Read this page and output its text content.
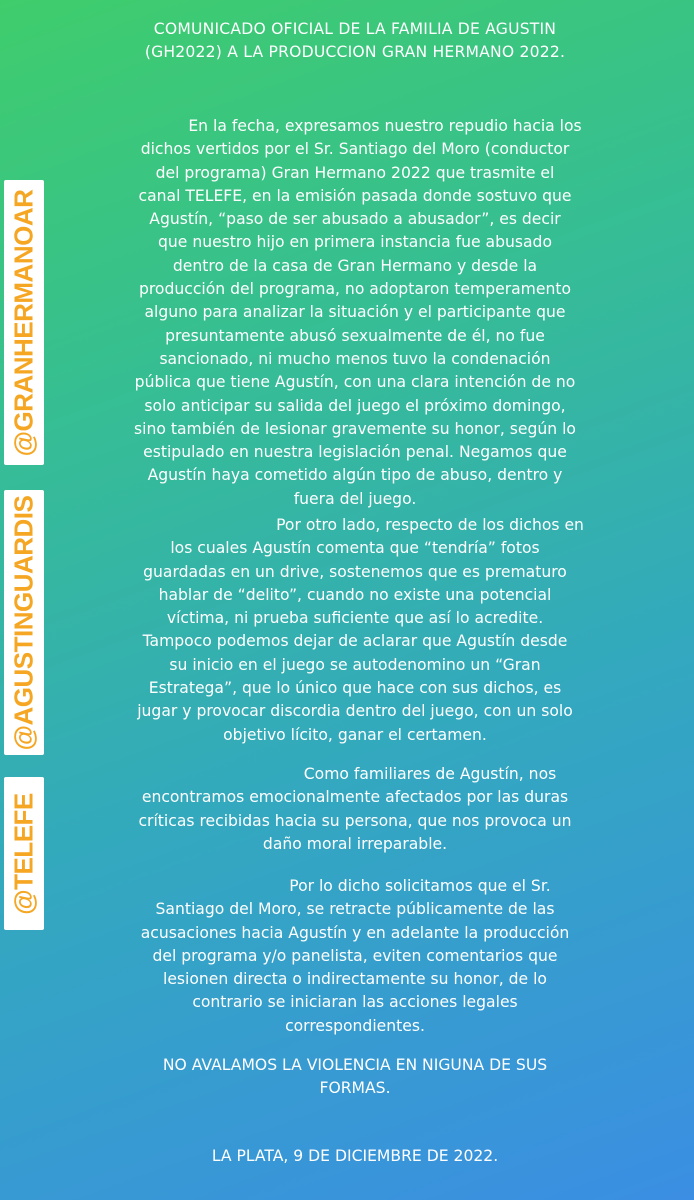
COMUNICADO OFICIAL DE LA FAMILIA DE AGUSTIN
(GH2022) A LA PRODUCCION GRAN HERMANO 2022.
En la fecha, expresamos nuestro repudio hacia los
dichos vertidos por el Sr. Santiago del Moro (conductor
del programa) Gran Hermano 2022 que trasmite el
canal TELEFE, en la emisión pasada donde sostuvo que
Agustín, “paso de ser abusado a abusador”, es decir
que nuestro hijo en primera instancia fue abusado
dentro de la casa de Gran Hermano y desde la
producción del programa, no adoptaron temperamento
alguno para analizar la situación y el participante que
presuntamente abusó sexualmente de él, no fue
sancionado, ni mucho menos tuvo la condenación
pública que tiene Agustín, con una clara intención de no
solo anticipar su salida del juego el próximo domingo,
sino también de lesionar gravemente su honor, según lo
estipulado en nuestra legislación penal. Negamos que
Agustín haya cometido algún tipo de abuso, dentro y
fuera del juego.
Por otro lado, respecto de los dichos en
los cuales Agustín comenta que “tendría” fotos
guardadas en un drive, sostenemos que es prematuro
hablar de “delito”, cuando no existe una potencial
víctima, ni prueba suficiente que así lo acredite.
Tampoco podemos dejar de aclarar que Agustín desde
su inicio en el juego se autodenomino un “Gran
Estratega”, que lo único que hace con sus dichos, es
jugar y provocar discordia dentro del juego, con un solo
objetivo lícito, ganar el certamen.
Como familiares de Agustín, nos
encontramos emocionalmente afectados por las duras
críticas recibidas hacia su persona, que nos provoca un
daño moral irreparable.
Por lo dicho solicitamos que el Sr.
Santiago del Moro, se retracte públicamente de las
acusaciones hacia Agustín y en adelante la producción
del programa y/o panelista, eviten comentarios que
lesionen directa o indirectamente su honor, de lo
contrario se iniciaran las acciones legales
correspondientes.
NO AVALAMOS LA VIOLENCIA EN NIGUNA DE SUS
FORMAS.
LA PLATA, 9 DE DICIEMBRE DE 2022.
@GRANHERMANOAR
@AGUSTINGUARDIS
@TELEFE
